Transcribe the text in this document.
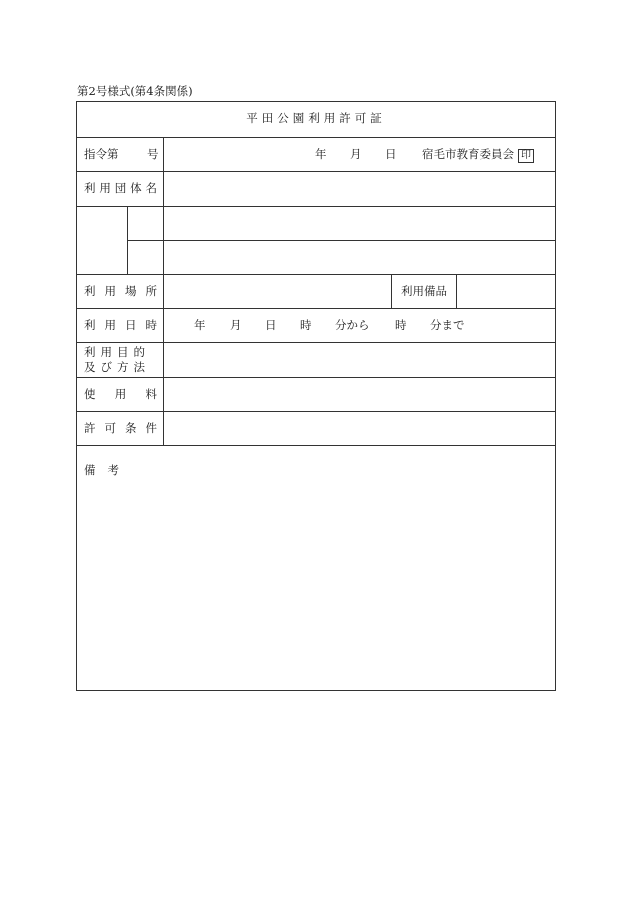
第2号様式(第4条関係)
平田公園利用許可証
指令第 号	年 月 日 宿毛市教育委員会 印
利 用 団 体 名
利 用 場 所	利用備品
利 用 日 時	年 月 日 時 分から 時 分まで
利用目的
及び方法
使 用 料
許 可 条 件
備考
